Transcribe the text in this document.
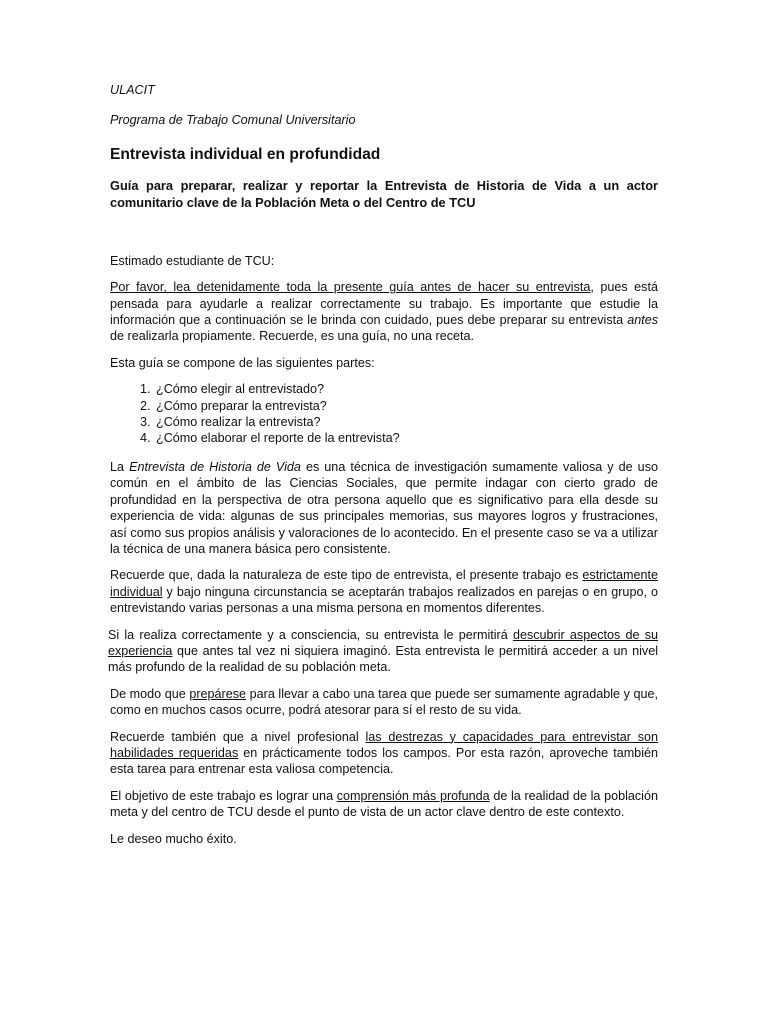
ULACIT
Programa de Trabajo Comunal Universitario
Entrevista individual en profundidad
Guía para preparar, realizar y reportar la Entrevista de Historia de Vida a un actor comunitario clave de la Población Meta o del Centro de TCU

Estimado estudiante de TCU:

Por favor, lea detenidamente toda la presente guía antes de hacer su entrevista, pues está pensada para ayudarle a realizar correctamente su trabajo. Es importante que estudie la información que a continuación se le brinda con cuidado, pues debe preparar su entrevista antes de realizarla propiamente. Recuerde, es una guía, no una receta.

Esta guía se compone de las siguientes partes:

1. ¿Cómo elegir al entrevistado?
2. ¿Cómo preparar la entrevista?
3. ¿Cómo realizar la entrevista?
4. ¿Cómo elaborar el reporte de la entrevista?

La Entrevista de Historia de Vida es una técnica de investigación sumamente valiosa y de uso común en el ámbito de las Ciencias Sociales, que permite indagar con cierto grado de profundidad en la perspectiva de otra persona aquello que es significativo para ella desde su experiencia de vida: algunas de sus principales memorias, sus mayores logros y frustraciones, así como sus propios análisis y valoraciones de lo acontecido. En el presente caso se va a utilizar la técnica de una manera básica pero consistente.

Recuerde que, dada la naturaleza de este tipo de entrevista, el presente trabajo es estrictamente individual y bajo ninguna circunstancia se aceptarán trabajos realizados en parejas o en grupo, o entrevistando varias personas a una misma persona en momentos diferentes.

Si la realiza correctamente y a consciencia, su entrevista le permitirá descubrir aspectos de su experiencia que antes tal vez ni siquiera imaginó. Esta entrevista le permitirá acceder a un nivel más profundo de la realidad de su población meta.

De modo que prepárese para llevar a cabo una tarea que puede ser sumamente agradable y que, como en muchos casos ocurre, podrá atesorar para sí el resto de su vida.

Recuerde también que a nivel profesional las destrezas y capacidades para entrevistar son habilidades requeridas en prácticamente todos los campos. Por esta razón, aproveche también esta tarea para entrenar esta valiosa competencia.

El objetivo de este trabajo es lograr una comprensión más profunda de la realidad de la población meta y del centro de TCU desde el punto de vista de un actor clave dentro de este contexto.

Le deseo mucho éxito.
